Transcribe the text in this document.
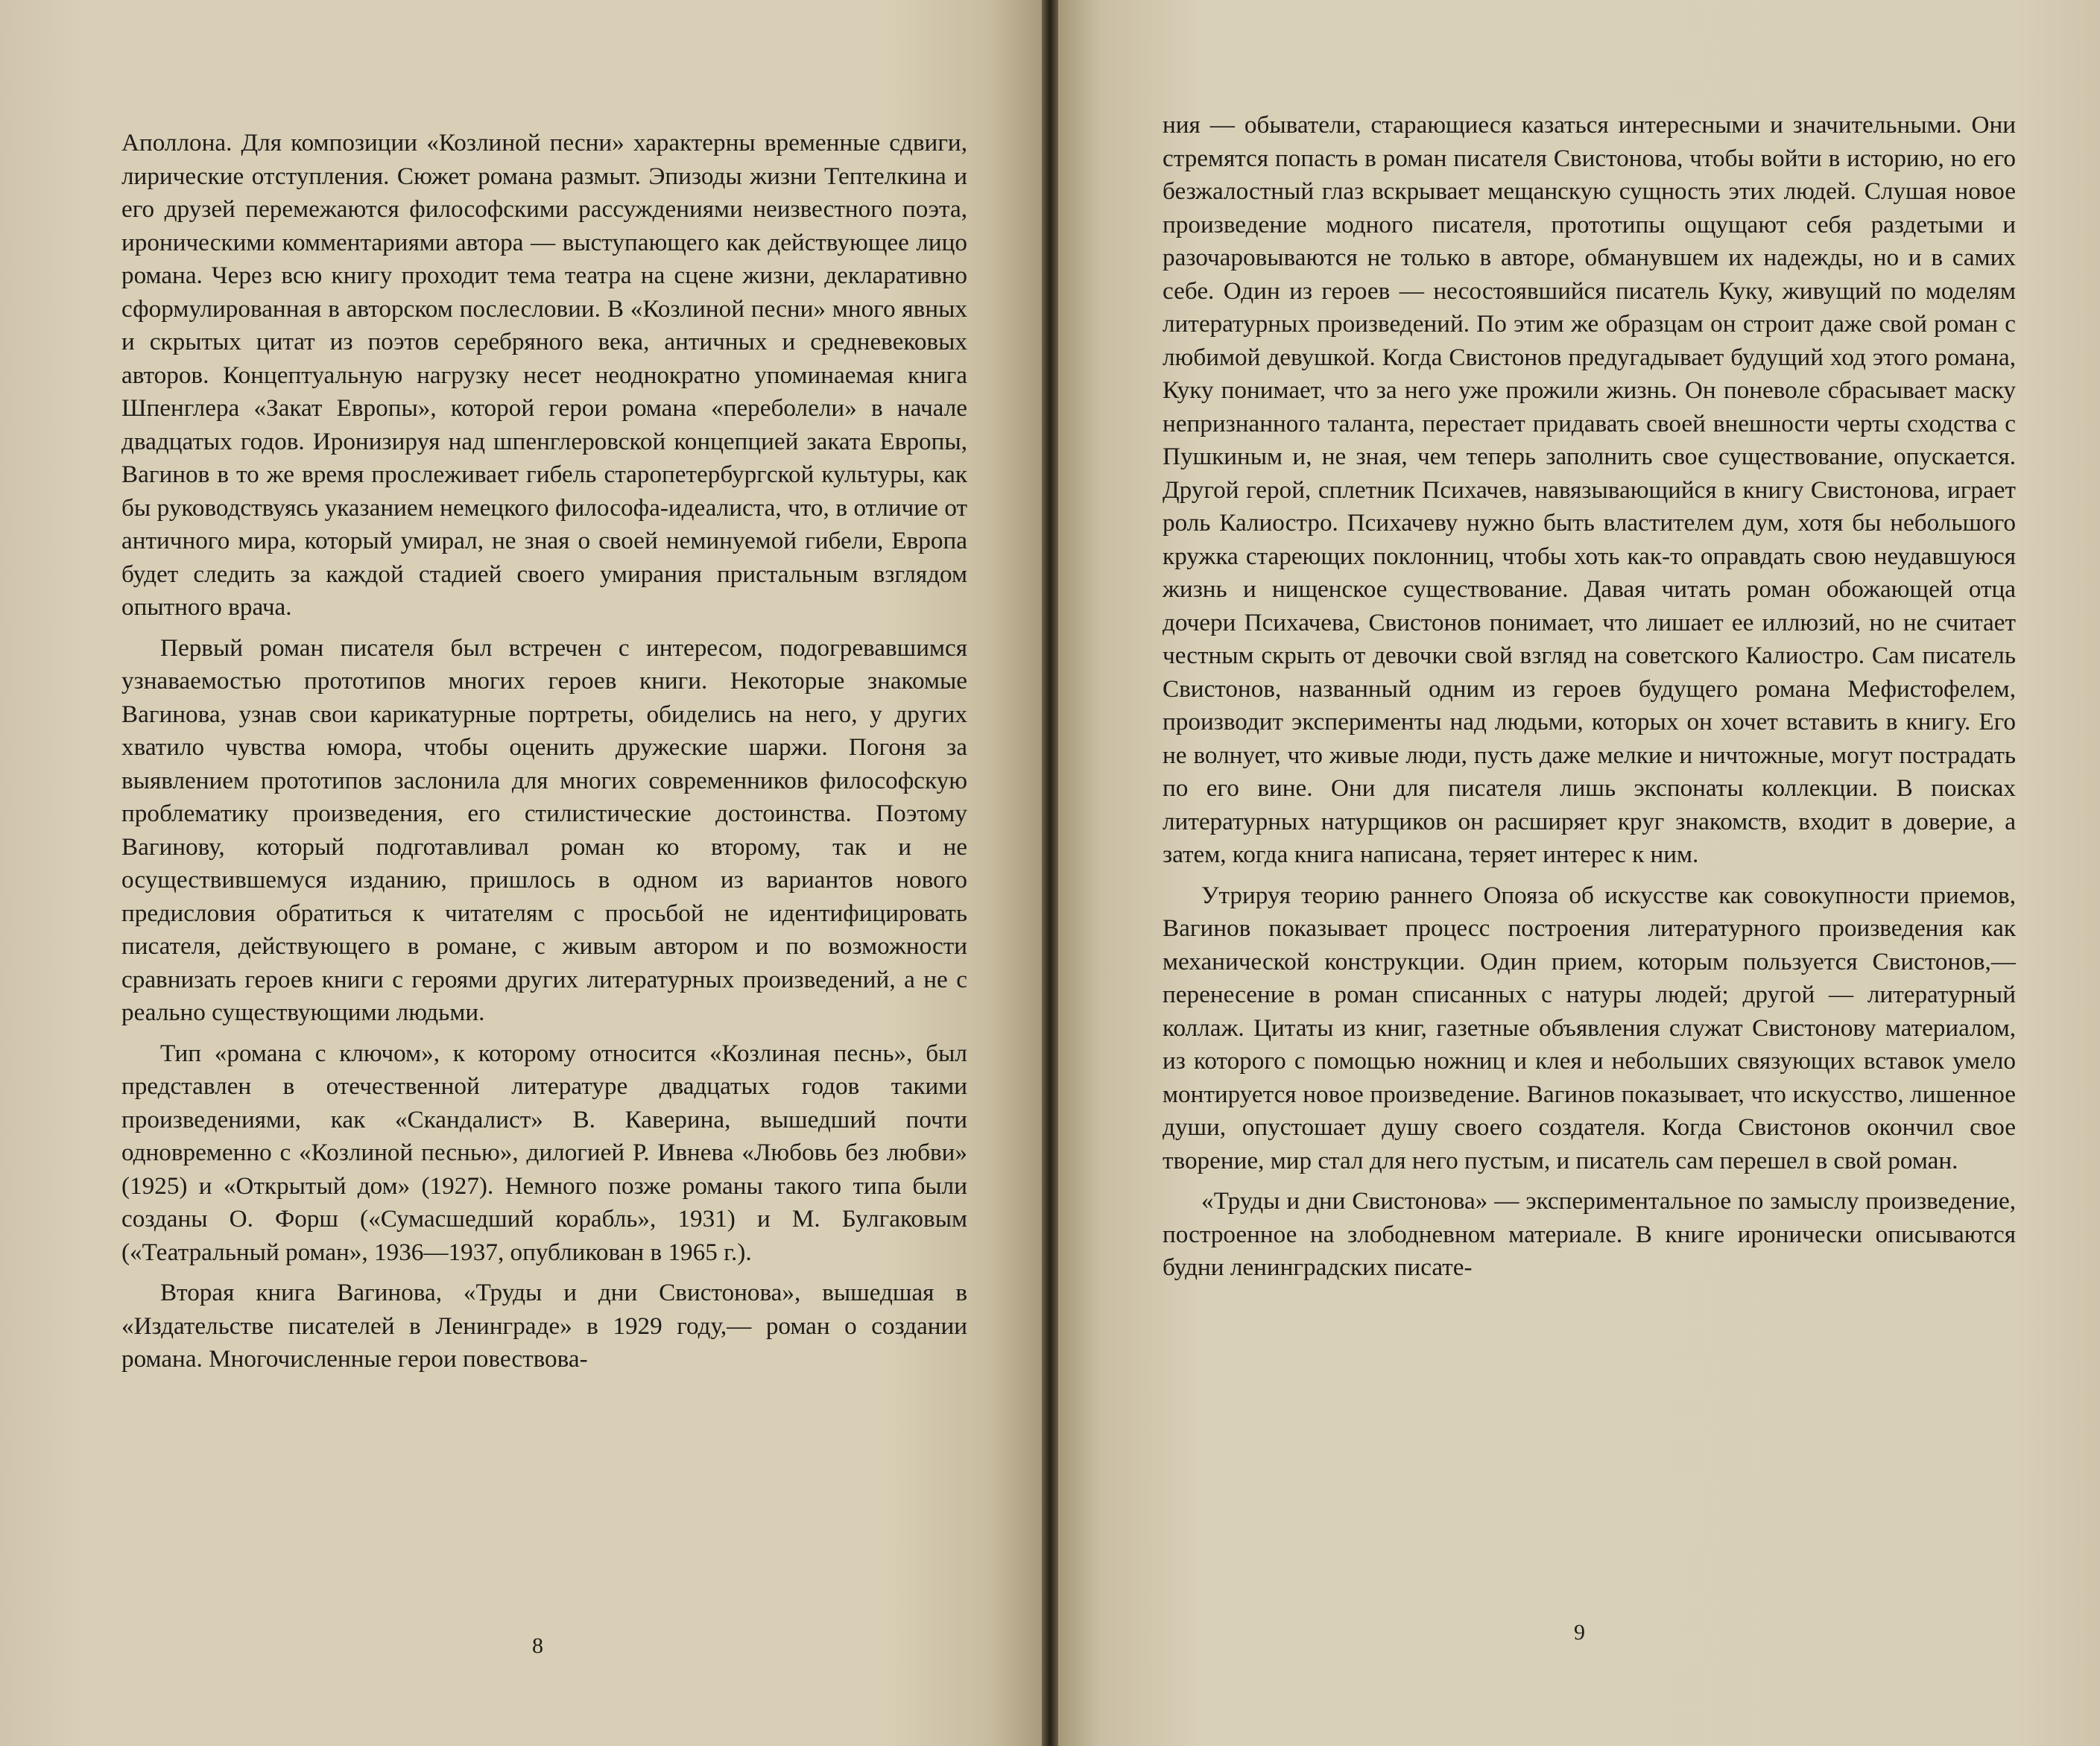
Аполлона. Для композиции «Козлиной песни» характерны временные сдвиги, лирические отступления. Сюжет романа размыт. Эпизоды жизни Тептелкина и его друзей перемежаются философскими рассуждениями неизвестного поэта, ироническими комментариями автора — выступающего как действующее лицо романа. Через всю книгу проходит тема театра на сцене жизни, декларативно сформулированная в авторском послесловии. В «Козлиной песни» много явных и скрытых цитат из поэтов серебряного века, античных и средневековых авторов. Концептуальную нагрузку несет неоднократно упоминаемая книга Шпенглера «Закат Европы», которой герои романа «переболели» в начале двадцатых годов. Иронизируя над шпенглеровской концепцией заката Европы, Вагинов в то же время прослеживает гибель старопетербургской культуры, как бы руководствуясь указанием немецкого философа-идеалиста, что, в отличие от античного мира, который умирал, не зная о своей неминуемой гибели, Европа будет следить за каждой стадией своего умирания пристальным взглядом опытного врача.

Первый роман писателя был встречен с интересом, подогревавшимся узнаваемостью прототипов многих героев книги. Некоторые знакомые Вагинова, узнав свои карикатурные портреты, обиделись на него, у других хватило чувства юмора, чтобы оценить дружеские шаржи. Погоня за выявлением прототипов заслонила для многих современников философскую проблематику произведения, его стилистические достоинства. Поэтому Вагинову, который подготавливал роман ко второму, так и не осуществившемуся изданию, пришлось в одном из вариантов нового предисловия обратиться к читателям с просьбой не идентифицировать писателя, действующего в романе, с живым автором и по возможности сравнизать героев книги с героями других литературных произведений, а не с реально существующими людьми.

Тип «романа с ключом», к которому относится «Козлиная песнь», был представлен в отечественной литературе двадцатых годов такими произведениями, как «Скандалист» В. Каверина, вышедший почти одновременно с «Козлиной песнью», дилогией Р. Ивнева «Любовь без любви» (1925) и «Открытый дом» (1927). Немного позже романы такого типа были созданы О. Форш («Сумасшедший корабль», 1931) и М. Булгаковым («Театральный роман», 1936—1937, опубликован в 1965 г.).

Вторая книга Вагинова, «Труды и дни Свистонова», вышедшая в «Издательстве писателей в Ленинграде» в 1929 году,— роман о создании романа. Многочисленные герои повествова-

8

ния — обыватели, старающиеся казаться интересными и значительными. Они стремятся попасть в роман писателя Свистонова, чтобы войти в историю, но его безжалостный глаз вскрывает мещанскую сущность этих людей. Слушая новое произведение модного писателя, прототипы ощущают себя раздетыми и разочаровываются не только в авторе, обманувшем их надежды, но и в самих себе. Один из героев — несостоявшийся писатель Куку, живущий по моделям литературных произведений. По этим же образцам он строит даже свой роман с любимой девушкой. Когда Свистонов предугадывает будущий ход этого романа, Куку понимает, что за него уже прожили жизнь. Он поневоле сбрасывает маску непризнанного таланта, перестает придавать своей внешности черты сходства с Пушкиным и, не зная, чем теперь заполнить свое существование, опускается. Другой герой, сплетник Психачев, навязывающийся в книгу Свистонова, играет роль Калиостро. Психачеву нужно быть властителем дум, хотя бы небольшого кружка стареющих поклонниц, чтобы хоть как-то оправдать свою неудавшуюся жизнь и нищенское существование. Давая читать роман обожающей отца дочери Психачева, Свистонов понимает, что лишает ее иллюзий, но не считает честным скрыть от девочки свой взгляд на советского Калиостро. Сам писатель Свистонов, названный одним из героев будущего романа Мефистофелем, производит эксперименты над людьми, которых он хочет вставить в книгу. Его не волнует, что живые люди, пусть даже мелкие и ничтожные, могут пострадать по его вине. Они для писателя лишь экспонаты коллекции. В поисках литературных натурщиков он расширяет круг знакомств, входит в доверие, а затем, когда книга написана, теряет интерес к ним.

Утрируя теорию раннего Опояза об искусстве как совокупности приемов, Вагинов показывает процесс построения литературного произведения как механической конструкции. Один прием, которым пользуется Свистонов,— перенесение в роман списанных с натуры людей; другой — литературный коллаж. Цитаты из книг, газетные объявления служат Свистонову материалом, из которого с помощью ножниц и клея и небольших связующих вставок умело монтируется новое произведение. Вагинов показывает, что искусство, лишенное души, опустошает душу своего создателя. Когда Свистонов окончил свое творение, мир стал для него пустым, и писатель сам перешел в свой роман.

«Труды и дни Свистонова» — экспериментальное по замыслу произведение, построенное на злободневном материале. В книге иронически описываются будни ленинградских писате-

9
